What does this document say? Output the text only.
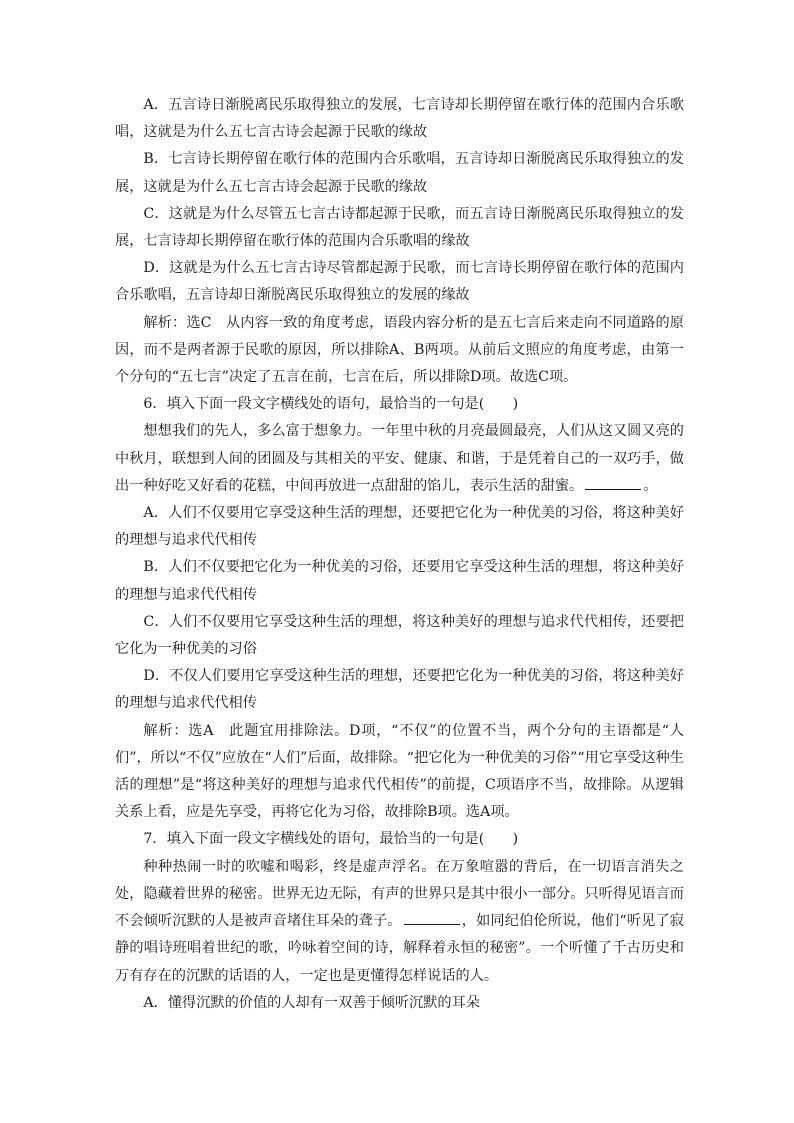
A．五言诗日渐脱离民乐取得独立的发展，七言诗却长期停留在歌行体的范围内合乐歌唱，这就是为什么五七言古诗会起源于民歌的缘故

B．七言诗长期停留在歌行体的范围内合乐歌唱，五言诗却日渐脱离民乐取得独立的发展，这就是为什么五七言古诗会起源于民歌的缘故

C．这就是为什么尽管五七言古诗都起源于民歌，而五言诗日渐脱离民乐取得独立的发展，七言诗却长期停留在歌行体的范围内合乐歌唱的缘故

D．这就是为什么五七言古诗尽管都起源于民歌，而七言诗长期停留在歌行体的范围内合乐歌唱，五言诗却日渐脱离民乐取得独立的发展的缘故

解析：选C　从内容一致的角度考虑，语段内容分析的是五七言后来走向不同道路的原因，而不是两者源于民歌的原因，所以排除A、B两项。从前后文照应的角度考虑，由第一个分句的“五七言”决定了五言在前，七言在后，所以排除D项。故选C项。

6．填入下面一段文字横线处的语句，最恰当的一句是(　　)

想想我们的先人，多么富于想象力。一年里中秋的月亮最圆最亮，人们从这又圆又亮的中秋月，联想到人间的团圆及与其相关的平安、健康、和谐，于是凭着自己的一双巧手，做出一种好吃又好看的花糕，中间再放进一点甜甜的馅儿，表示生活的甜蜜。	。

A．人们不仅要用它享受这种生活的理想，还要把它化为一种优美的习俗，将这种美好的理想与追求代代相传

B．人们不仅要把它化为一种优美的习俗，还要用它享受这种生活的理想，将这种美好的理想与追求代代相传

C．人们不仅要用它享受这种生活的理想，将这种美好的理想与追求代代相传，还要把它化为一种优美的习俗

D．不仅人们要用它享受这种生活的理想，还要把它化为一种优美的习俗，将这种美好的理想与追求代代相传

解析：选A　此题宜用排除法。D项，“不仅”的位置不当，两个分句的主语都是“人们”，所以“不仅”应放在“人们”后面，故排除。“把它化为一种优美的习俗”“用它享受这种生活的理想”是“将这种美好的理想与追求代代相传”的前提，C项语序不当，故排除。从逻辑关系上看，应是先享受，再将它化为习俗，故排除B项。选A项。

7．填入下面一段文字横线处的语句，最恰当的一句是(　　)

种种热闹一时的吹嘘和喝彩，终是虚声浮名。在万象喧嚣的背后，在一切语言消失之处，隐藏着世界的秘密。世界无边无际，有声的世界只是其中很小一部分。只听得见语言而不会倾听沉默的人是被声音堵住耳朵的聋子。	，如同纪伯伦所说，他们“听见了寂静的唱诗班唱着世纪的歌，吟咏着空间的诗，解释着永恒的秘密”。一个听懂了千古历史和万有存在的沉默的话语的人，一定也是更懂得怎样说话的人。

A．懂得沉默的价值的人却有一双善于倾听沉默的耳朵
